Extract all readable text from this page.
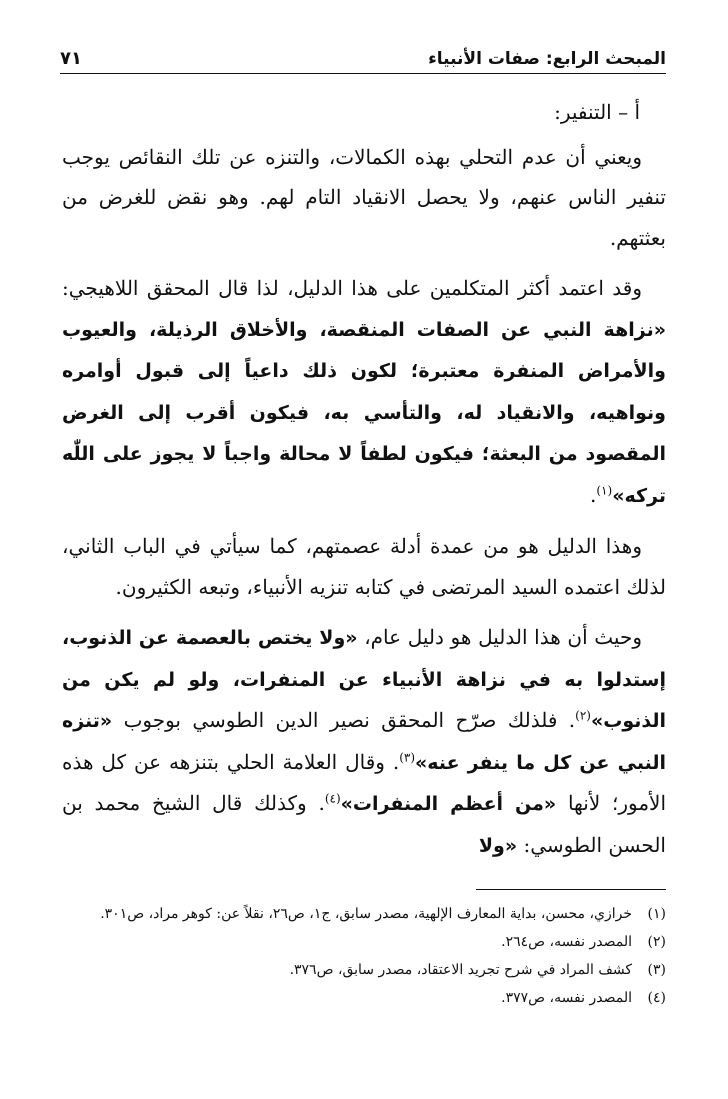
المبحث الرابع: صفات الأنبياء
٧١

أ – التنفير:

ويعني أن عدم التحلي بهذه الكمالات، والتنزه عن تلك النقائص يوجب تنفير الناس عنهم، ولا يحصل الانقياد التام لهم. وهو نقض للغرض من بعثتهم.

وقد اعتمد أكثر المتكلمين على هذا الدليل، لذا قال المحقق اللاهيجي: «نزاهة النبي عن الصفات المنقصة، والأخلاق الرذيلة، والعيوب والأمراض المنفرة معتبرة؛ لكون ذلك داعياً إلى قبول أوامره ونواهيه، والانقياد له، والتأسي به، فيكون أقرب إلى الغرض المقصود من البعثة؛ فيكون لطفاً لا محالة واجباً لا يجوز على اللّٰه تركه»$^{(١)}$.

وهذا الدليل هو من عمدة أدلة عصمتهم، كما سيأتي في الباب الثاني، لذلك اعتمده السيد المرتضى في كتابه تنزيه الأنبياء، وتبعه الكثيرون.

وحيث أن هذا الدليل هو دليل عام، «ولا يختص بالعصمة عن الذنوب، إستدلوا به في نزاهة الأنبياء عن المنفرات، ولو لم يكن من الذنوب»$^{(٢)}$. فلذلك صرّح المحقق نصير الدين الطوسي بوجوب «تنزه النبي عن كل ما ينفر عنه»$^{(٣)}$. وقال العلامة الحلي بتنزهه عن كل هذه الأمور؛ لأنها «من أعظم المنفرات»$^{(٤)}$. وكذلك قال الشيخ محمد بن الحسن الطوسي: «ولا

(١)
خرازي، محسن، بداية المعارف الإلهية، مصدر سابق، ج١، ص٢٦، نقلاً عن: كوهر مراد، ص٣٠١.
(٢)
المصدر نفسه، ص٢٦٤.
(٣)
كشف المراد في شرح تجريد الاعتقاد، مصدر سابق، ص٣٧٦.
(٤)
المصدر نفسه، ص٣٧٧.
